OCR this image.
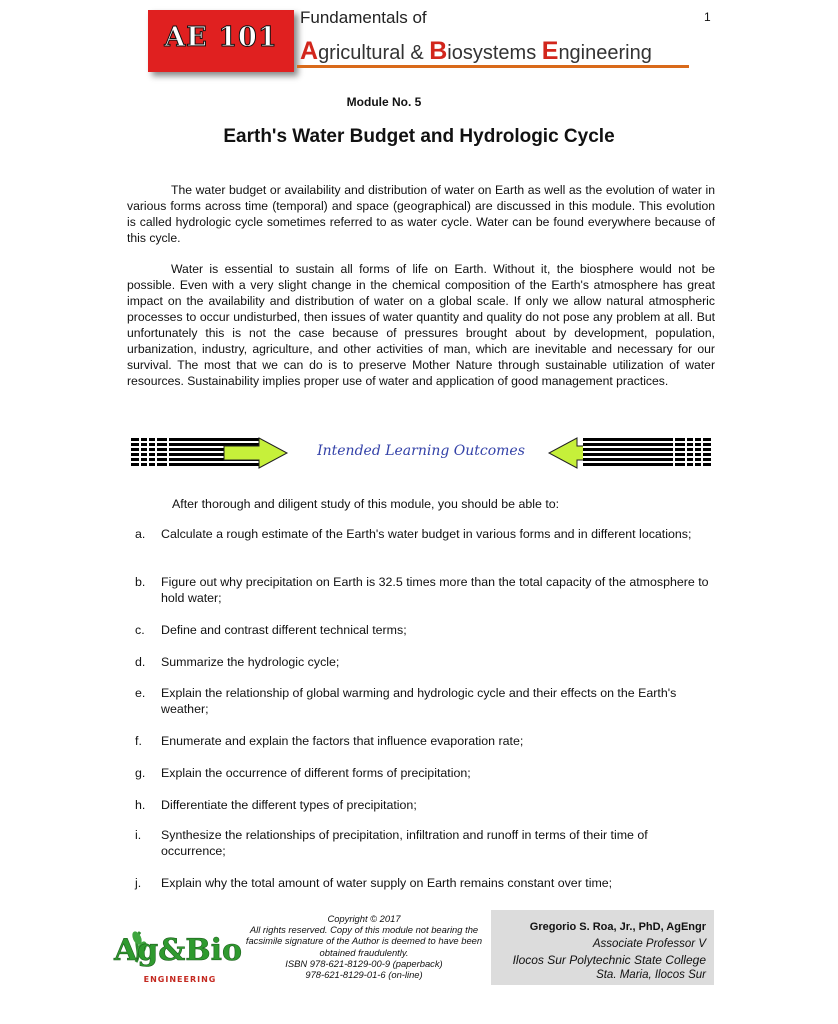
1
AE 101
Fundamentals of
Agricultural & Biosystems Engineering
Module No. 5
Earth's Water Budget and Hydrologic Cycle
The water budget or availability and distribution of water on Earth as well as the evolution of water in various forms across time (temporal) and space (geographical) are discussed in this module. This evolution is called hydrologic cycle sometimes referred to as water cycle. Water can be found everywhere because of this cycle.
Water is essential to sustain all forms of life on Earth. Without it, the biosphere would not be possible. Even with a very slight change in the chemical composition of the Earth's atmosphere has great impact on the availability and distribution of water on a global scale. If only we allow natural atmospheric processes to occur undisturbed, then issues of water quantity and quality do not pose any problem at all. But unfortunately this is not the case because of pressures brought about by development, population, urbanization, industry, agriculture, and other activities of man, which are inevitable and necessary for our survival. The most that we can do is to preserve Mother Nature through sustainable utilization of water resources. Sustainability implies proper use of water and application of good management practices.
Intended Learning Outcomes
After thorough and diligent study of this module, you should be able to:
a.	Calculate a rough estimate of the Earth's water budget in various forms and in different locations;
b.	Figure out why precipitation on Earth is 32.5 times more than the total capacity of the atmosphere to hold water;
c.	Define and contrast different technical terms;
d.	Summarize the hydrologic cycle;
e.	Explain the relationship of global warming and hydrologic cycle and their effects on the Earth's weather;
f.	Enumerate and explain the factors that influence evaporation rate;
g.	Explain the occurrence of different forms of precipitation;
h.	Differentiate the different types of precipitation;
i.	Synthesize the relationships of precipitation, infiltration and runoff in terms of their time of occurrence;
j.	Explain why the total amount of water supply on Earth remains constant over time;
Ag&Bio
ENGINEERING
Copyright © 2017
All rights reserved. Copy of this module not bearing the facsimile signature of the Author is deemed to have been obtained fraudulently.
ISBN 978-621-8129-00-9 (paperback)
978-621-8129-01-6 (on-line)
Gregorio S. Roa, Jr., PhD, AgEngr
Associate Professor V
Ilocos Sur Polytechnic State College
Sta. Maria, Ilocos Sur
